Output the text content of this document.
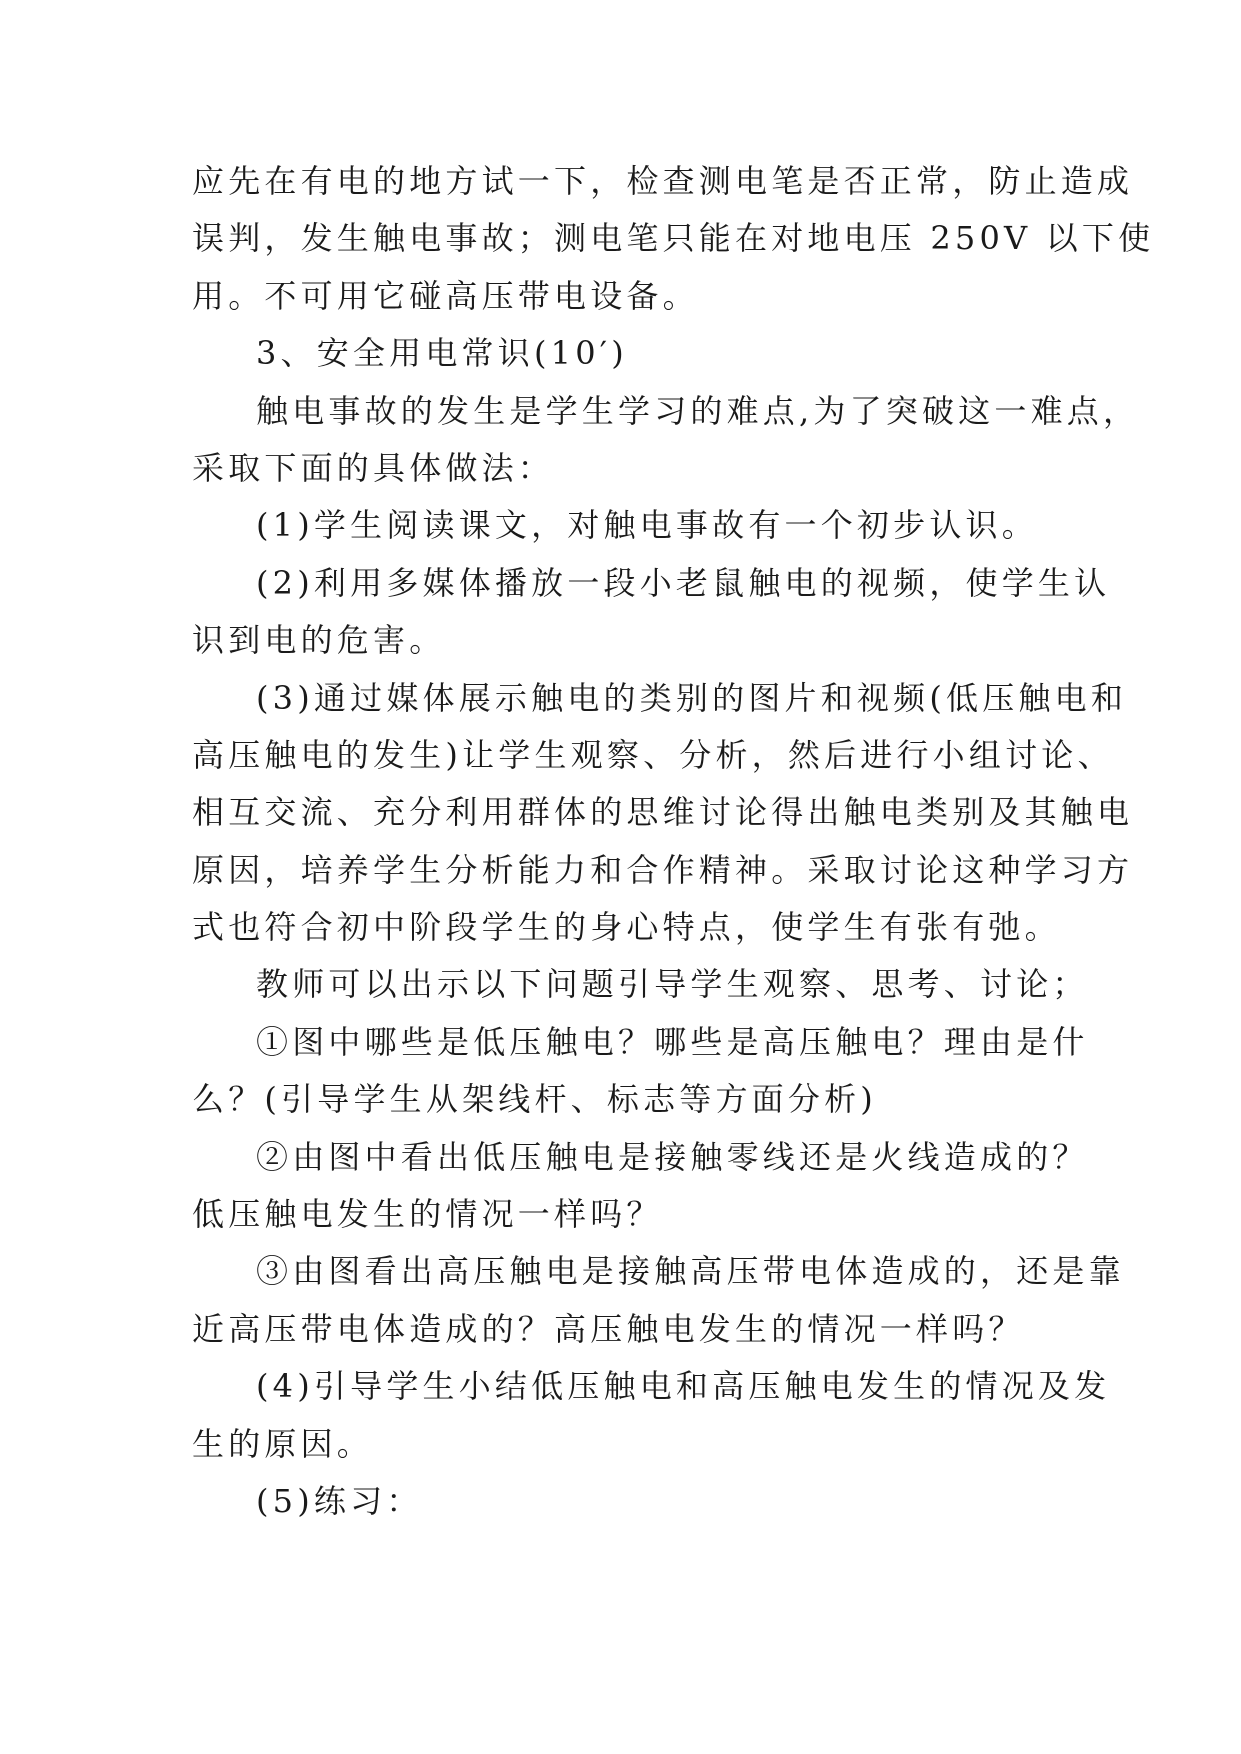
应先在有电的地方试一下，检查测电笔是否正常，防止造成
误判，发生触电事故；测电笔只能在对地电压 250V 以下使
用。不可用它碰高压带电设备。
3、安全用电常识(10′)
触电事故的发生是学生学习的难点,为了突破这一难点，
采取下面的具体做法：
(1)学生阅读课文，对触电事故有一个初步认识。
(2)利用多媒体播放一段小老鼠触电的视频，使学生认
识到电的危害。
(3)通过媒体展示触电的类别的图片和视频(低压触电和
高压触电的发生)让学生观察、分析，然后进行小组讨论、
相互交流、充分利用群体的思维讨论得出触电类别及其触电
原因，培养学生分析能力和合作精神。采取讨论这种学习方
式也符合初中阶段学生的身心特点，使学生有张有弛。
教师可以出示以下问题引导学生观察、思考、讨论；
①图中哪些是低压触电？哪些是高压触电？理由是什
么？(引导学生从架线杆、标志等方面分析)
②由图中看出低压触电是接触零线还是火线造成的？
低压触电发生的情况一样吗？
③由图看出高压触电是接触高压带电体造成的，还是靠
近高压带电体造成的？高压触电发生的情况一样吗？
(4)引导学生小结低压触电和高压触电发生的情况及发
生的原因。
(5)练习：
